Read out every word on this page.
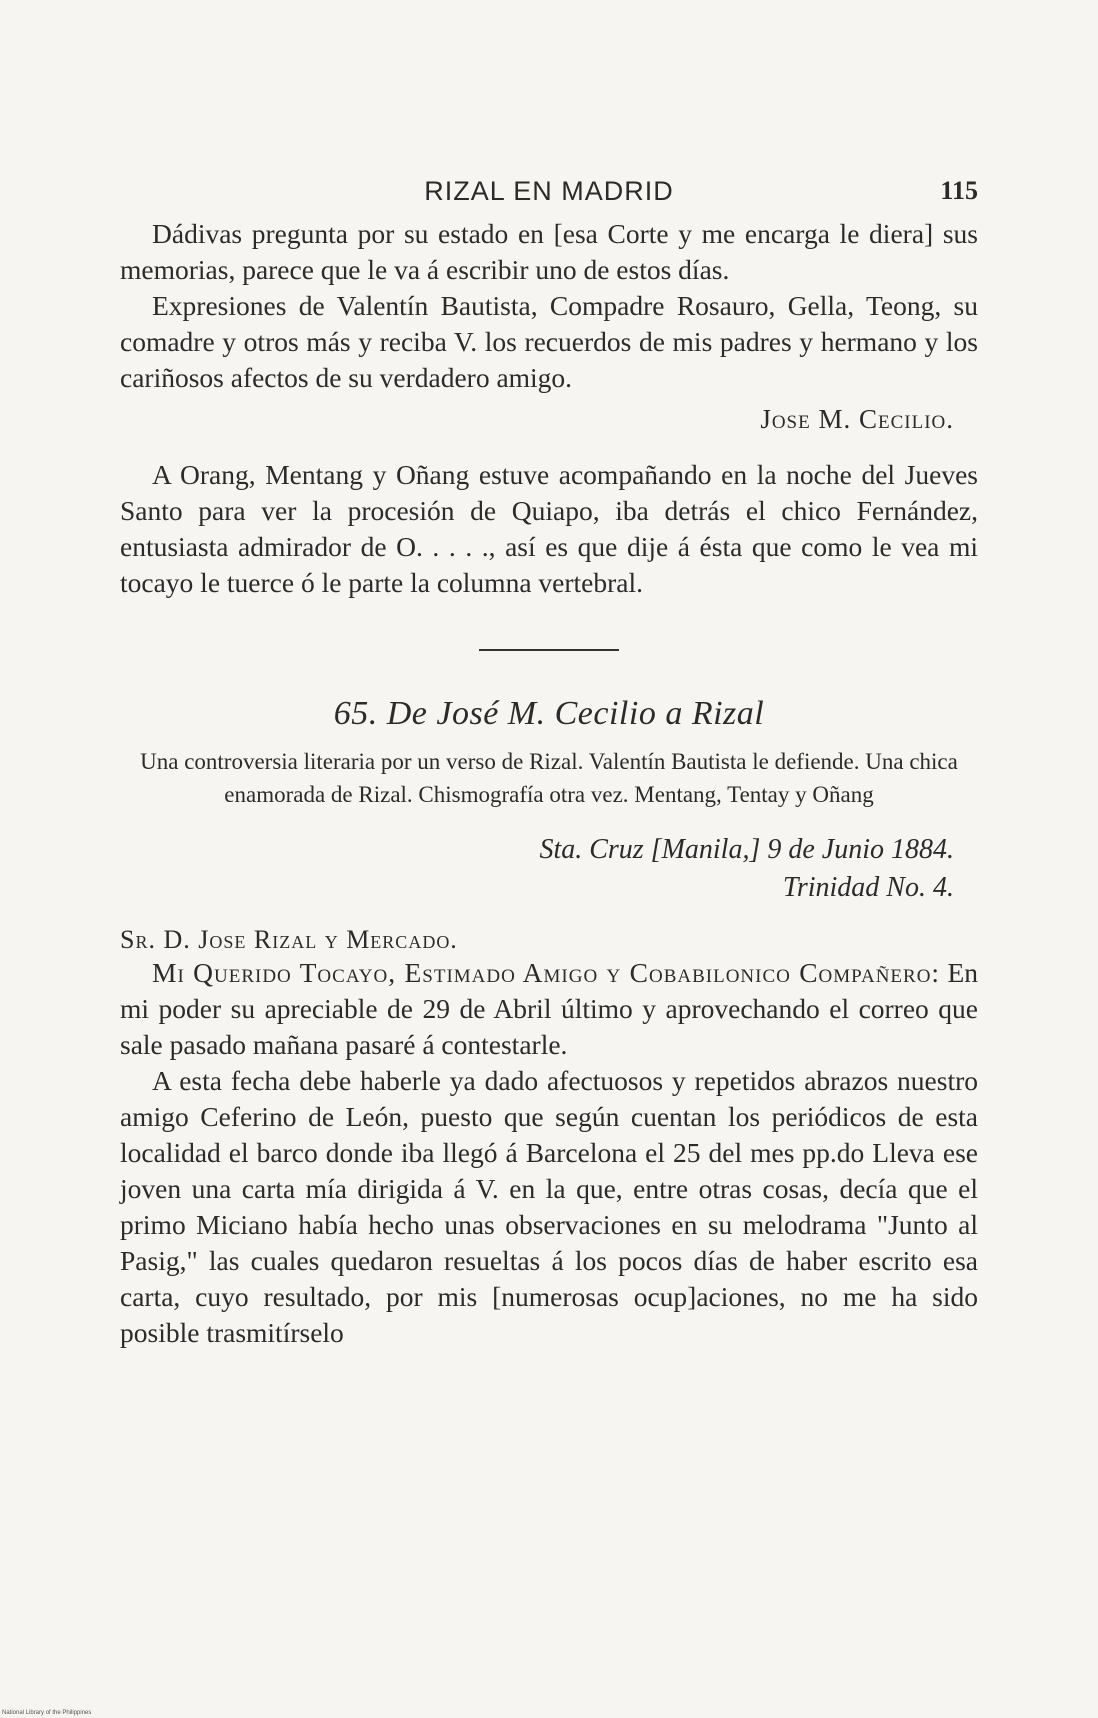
RIZAL EN MADRID	115

Dádivas pregunta por su estado en [esa Corte y me encarga le diera] sus memorias, parece que le va á escribir uno de estos días.

Expresiones de Valentín Bautista, Compadre Rosauro, Gella, Teong, su comadre y otros más y reciba V. los recuerdos de mis padres y hermano y los cariñosos afectos de su verdadero amigo.

Jose M. Cecilio.

A Orang, Mentang y Oñang estuve acompañando en la noche del Jueves Santo para ver la procesión de Quiapo, iba detrás el chico Fernández, entusiasta admirador de O. . . . ., así es que dije á ésta que como le vea mi tocayo le tuerce ó le parte la columna vertebral.

65. De José M. Cecilio a Rizal
Una controversia literaria por un verso de Rizal. Valentín Bautista le defiende. Una chica enamorada de Rizal. Chismografía otra vez. Mentang, Tentay y Oñang
Sta. Cruz [Manila,] 9 de Junio 1884.
Trinidad No. 4.
Sr. D. Jose Rizal y Mercado.

Mi Querido Tocayo, Estimado Amigo y Cobabilonico Compañero: En mi poder su apreciable de 29 de Abril último y aprovechando el correo que sale pasado mañana pasaré á contestarle.

A esta fecha debe haberle ya dado afectuosos y repetidos abrazos nuestro amigo Ceferino de León, puesto que según cuentan los periódicos de esta localidad el barco donde iba llegó á Barcelona el 25 del mes pp.do Lleva ese joven una carta mía dirigida á V. en la que, entre otras cosas, decía que el primo Miciano había hecho unas observaciones en su melodrama "Junto al Pasig," las cuales quedaron resueltas á los pocos días de haber escrito esa carta, cuyo resultado, por mis [numerosas ocup]aciones, no me ha sido posible trasmitírselo

National Library of the Philippines
